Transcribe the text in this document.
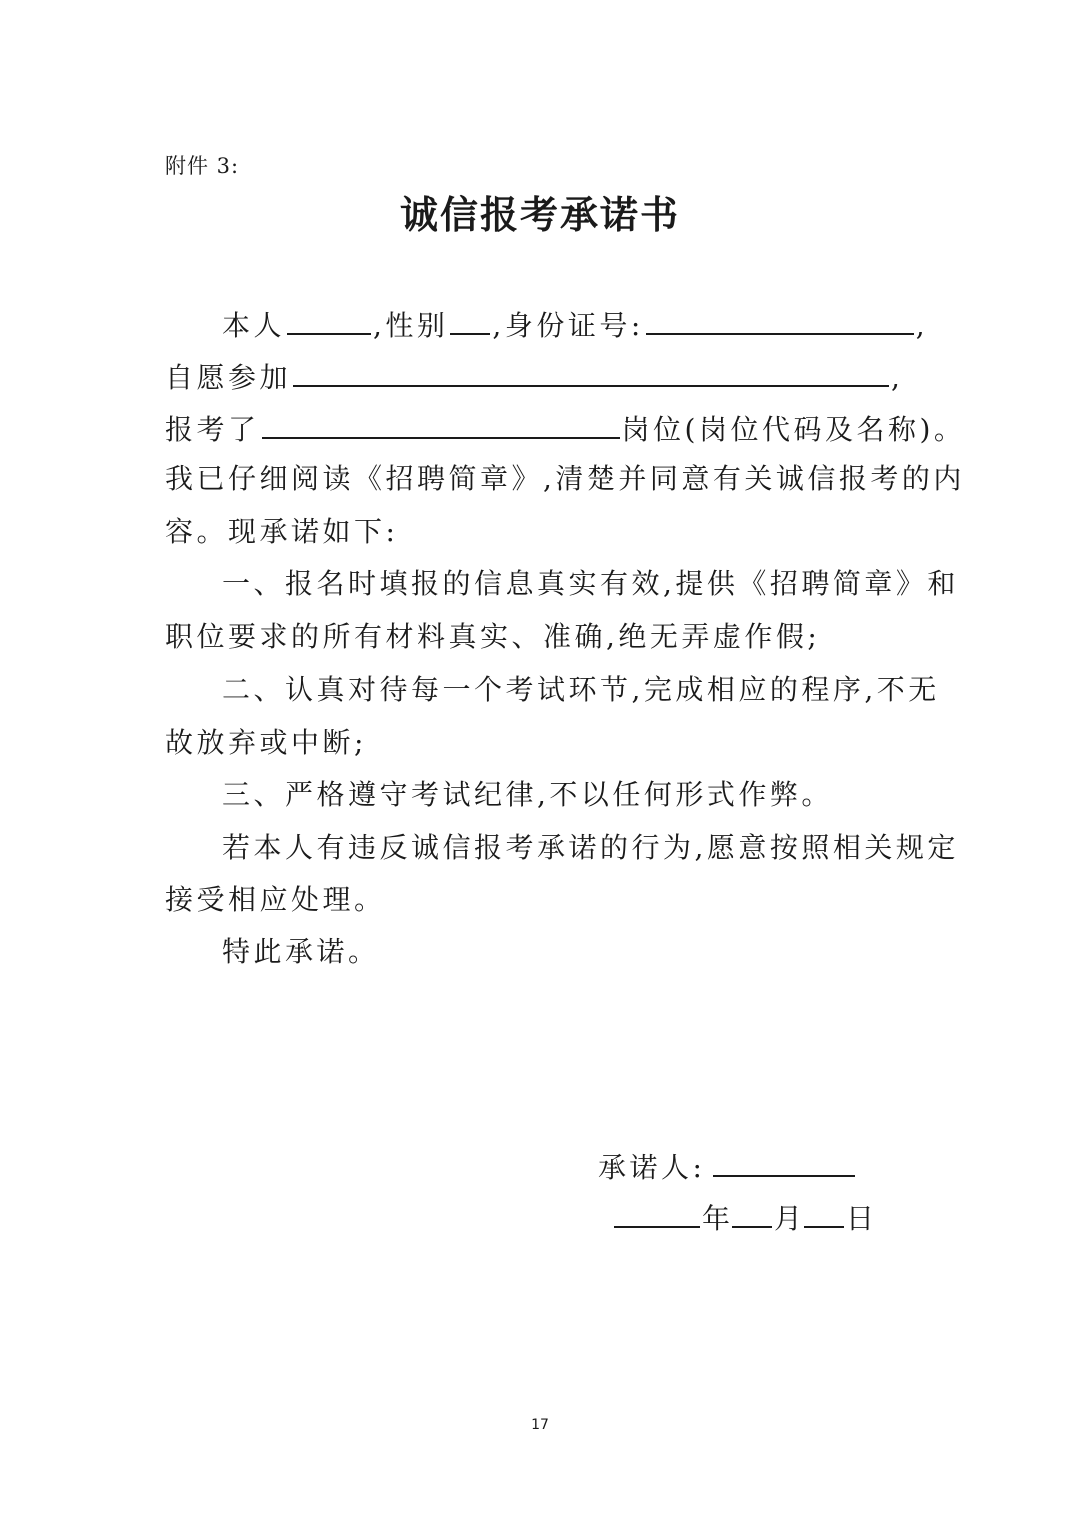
附件 3:
诚信报考承诺书
本人	,性别 ,身份证号:	,
自愿参加	,
报考了	岗位(岗位代码及名称)。
我已仔细阅读《招聘简章》,清楚并同意有关诚信报考的内
容。现承诺如下:
一、报名时填报的信息真实有效,提供《招聘简章》和
职位要求的所有材料真实、准确,绝无弄虚作假;
二、认真对待每一个考试环节,完成相应的程序,不无
故放弃或中断;
三、严格遵守考试纪律,不以任何形式作弊。
若本人有违反诚信报考承诺的行为,愿意按照相关规定
接受相应处理。
特此承诺。
承诺人:
年 月 日
17
